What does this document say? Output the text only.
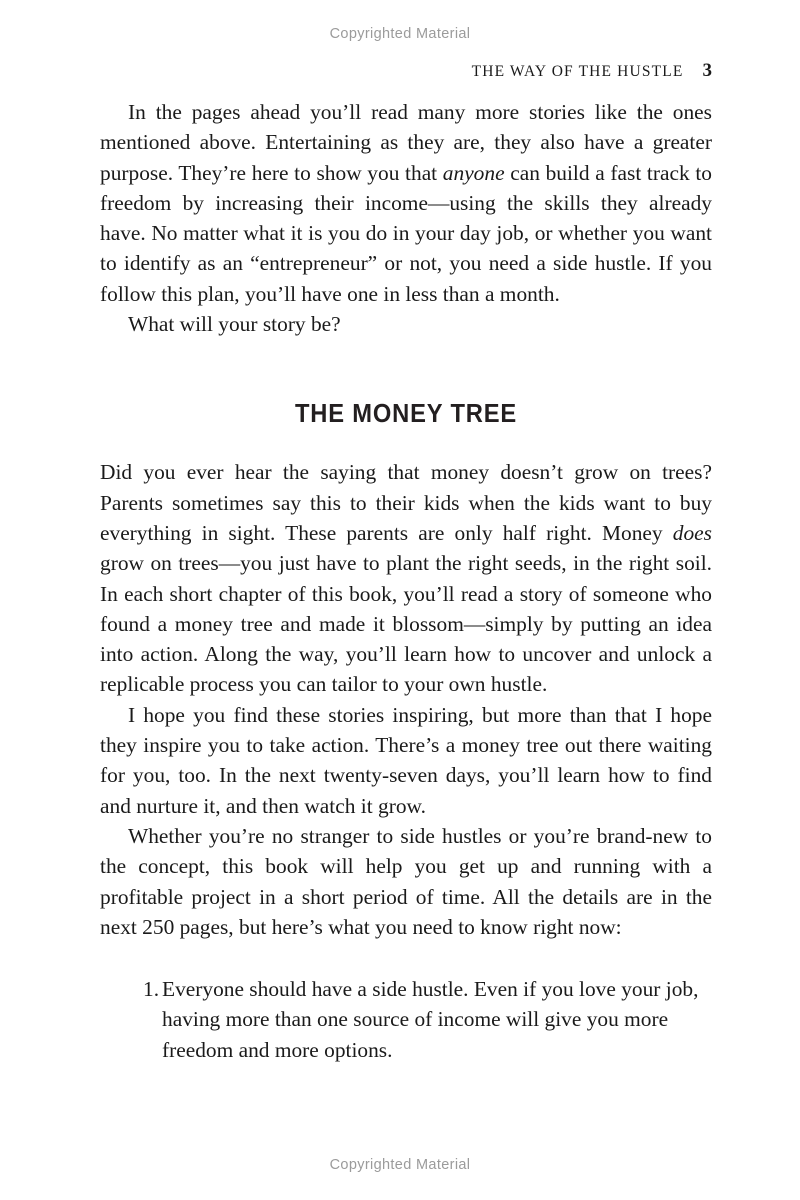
Copyrighted Material
THE WAY OF THE HUSTLE 3

In the pages ahead you’ll read many more stories like the ones mentioned above. Entertaining as they are, they also have a greater purpose. They’re here to show you that anyone can build a fast track to freedom by increasing their income—using the skills they already have. No matter what it is you do in your day job, or whether you want to identify as an “entrepreneur” or not, you need a side hustle. If you follow this plan, you’ll have one in less than a month.

What will your story be?

THE MONEY TREE

Did you ever hear the saying that money doesn’t grow on trees? Parents sometimes say this to their kids when the kids want to buy everything in sight. These parents are only half right. Money does grow on trees—you just have to plant the right seeds, in the right soil. In each short chapter of this book, you’ll read a story of someone who found a money tree and made it blossom—simply by putting an idea into action. Along the way, you’ll learn how to uncover and unlock a replicable process you can tailor to your own hustle.

I hope you find these stories inspiring, but more than that I hope they inspire you to take action. There’s a money tree out there waiting for you, too. In the next twenty-seven days, you’ll learn how to find and nurture it, and then watch it grow.

Whether you’re no stranger to side hustles or you’re brand-new to the concept, this book will help you get up and running with a profitable project in a short period of time. All the details are in the next 250 pages, but here’s what you need to know right now:

1. Everyone should have a side hustle. Even if you love your job, having more than one source of income will give you more freedom and more options.
Copyrighted Material
